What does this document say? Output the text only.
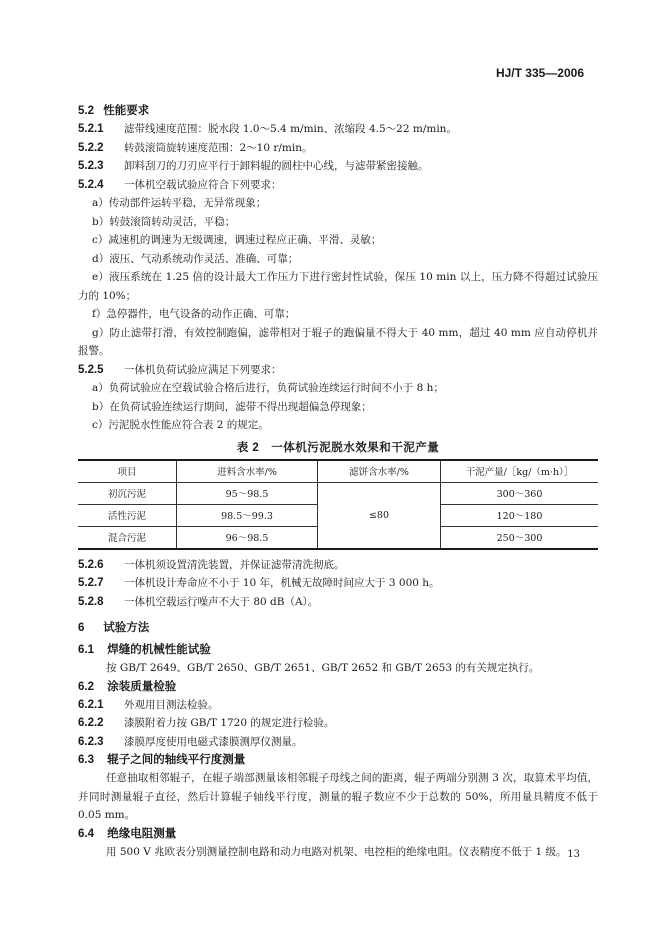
HJ/T 335—2006

5.2 性能要求

5.2.1 滤带线速度范围：脱水段 1.0～5.4 m/min、浓缩段 4.5～22 m/min。

5.2.2 转鼓滚筒旋转速度范围：2～10 r/min。

5.2.3 卸料刮刀的刀刃应平行于卸料辊的圆柱中心线，与滤带紧密接触。

5.2.4 一体机空载试验应符合下列要求：

a）传动部件运转平稳，无异常现象；

b）转鼓滚筒转动灵活，平稳；

c）减速机的调速为无级调速，调速过程应正确、平滑、灵敏；

d）液压、气动系统动作灵活、准确、可靠；

e）液压系统在 1.25 倍的设计最大工作压力下进行密封性试验，保压 10 min 以上，压力降不得超过试验压力的 10%；

f）急停器件，电气设备的动作正确、可靠；

g）防止滤带打滑，有效控制跑偏，滤带相对于辊子的跑偏量不得大于 40 mm，超过 40 mm 应自动停机并报警。

5.2.5 一体机负荷试验应满足下列要求：

a）负荷试验应在空载试验合格后进行，负荷试验连续运行时间不小于 8 h；

b）在负荷试验连续运行期间，滤带不得出现超偏急停现象；

c）污泥脱水性能应符合表 2 的规定。

表 2　一体机污泥脱水效果和干泥产量

项目	进料含水率/%	滤饼含水率/%	干泥产量/［kg/（m·h）］
初沉污泥	95～98.5	≤80	300～360
活性污泥	98.5～99.3		120～180
混合污泥	96～98.5		250～300

5.2.6 一体机须设置清洗装置，并保证滤带清洗彻底。

5.2.7 一体机设计寿命应不小于 10 年，机械无故障时间应大于 3 000 h。

5.2.8 一体机空载运行噪声不大于 80 dB（A）。

6 试验方法

6.1 焊缝的机械性能试验

按 GB/T 2649、GB/T 2650、GB/T 2651、GB/T 2652 和 GB/T 2653 的有关规定执行。

6.2 涂装质量检验

6.2.1 外观用目测法检验。

6.2.2 漆膜附着力按 GB/T 1720 的规定进行检验。

6.2.3 漆膜厚度使用电磁式漆膜测厚仪测量。

6.3 辊子之间的轴线平行度测量

任意抽取相邻辊子，在辊子端部测量该相邻辊子母线之间的距离，辊子两端分别测 3 次，取算术平均值，并同时测量辊子直径，然后计算辊子轴线平行度，测量的辊子数应不少于总数的 50%，所用量具精度不低于 0.05 mm。

6.4 绝缘电阻测量

用 500 V 兆欧表分别测量控制电路和动力电路对机架、电控柜的绝缘电阻。仪表精度不低于 1 级。 13
